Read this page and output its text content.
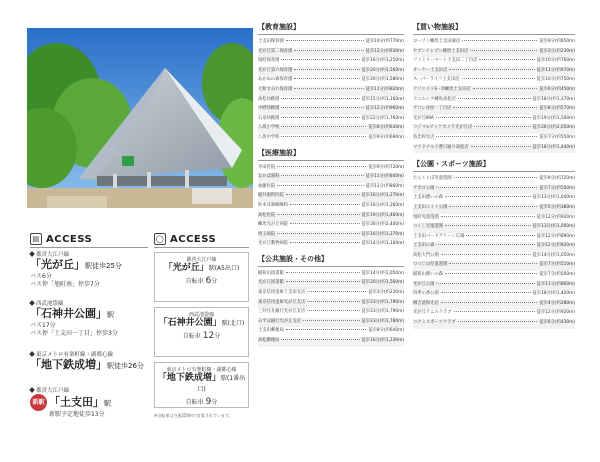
▤ ACCESS
都営大江戸線
「光が丘」駅徒歩25分
バス6分
バス停「旭町南」停歩7分
西武池袋線
「石神井公園」駅
バス17分
バス停「土支田一丁目」停歩3分
東京メトロ有楽町線・副都心線
「地下鉄成増」駅徒歩26分
都営大江戸線
新駅 「土支田」駅
新駅予定地徒歩13分
◯ ACCESS
都営大江戸線
「光が丘」駅(A5出口)
自転車 6分
西武池袋線
「石神井公園」駅(北口)
自転車 12分
東京メトロ有楽町線・副都心線
「地下鉄成増」駅(1番出口)
自転車 9分
※自転車は分速250mで計算されています。
【教育施設】
土支田保育園	徒歩10分(約770m)
光が丘第二保育園	徒歩12分(約930m)
旭町保育園	徒歩16分(約1,250m)
光が丘第六保育園	徒歩20分(約1,560m)
あかねの森保育園	徒歩20分(約1,580m)
大和すみれ保育園	徒歩11分(約820m)
高松幼稚園	徒歩15分(約1,160m)
中野幼稚園	徒歩12分(約960m)
石泉幼稚園	徒歩22分(約1,760m)
八坂小学校	徒歩8分(約630m)
八坂中学校	徒歩9分(約690m)
【医療施設】
寺田医院	徒歩9分(約720m)
なかば歯科	徒歩11分(約840m)
加藤医院	徒歩11分(約860m)
稲井歯科医院	徒歩16分(約1,270m)
鈴木耳鼻咽喉科	徒歩16分(約1,260m)
高松医院	徒歩19分(約1,460m)
練馬光が丘病院	徒歩30分(約2,400m)
埼玉病院	徒歩16分(約1,270m)
光が丘動物病院	徒歩14分(約1,100m)
【公共施設・その他】
稲荷山図書館	徒歩14分(約1,050m)
光が丘図書館	徒歩20分(約1,560m)
東京信用金庫土支田支店	徒歩3分(約230m)
東京信用金庫光が丘支店	徒歩23分(約1,790m)
三井住友銀行光が丘支店	徒歩23分(約1,790m)
みずほ銀行光が丘支店	徒歩23分(約1,780m)
土支田郵便局	徒歩8分(約640m)
高松郵便局	徒歩16分(約1,230m)
【買い物施設】
ローソン練馬土支田通店	徒歩9分(約650m)
セブンイレブン練馬土支田店	徒歩3分(約230m)
ファミリーマート土支田二丁目店	徒歩10分(約760m)
オーケー土支田店	徒歩13分(約970m)
スーパーライフ土支田店	徒歩10分(約750m)
クリエイトS・D練馬土支田店	徒歩6分(約450m)
ウエルシア練馬高松店	徒歩18分(約1,370m)
アコレ谷原一丁目店	徒歩8分(約570m)
光が丘IMA	徒歩19分(約1,500m)
コジマ×ビックカメラ光が丘店	徒歩26分(約2,050m)
島忠和光店	徒歩7分(約550m)
マクドナルド曹日通り高松店	徒歩18分(約1,440m)
【公園・スポーツ施設】
たらくくぼ児童遊園	徒歩9分(約720m)
アポロ公園	徒歩7分(約500m)
土支田憩いの森	徒歩13分(約1,040m)
土支田エイト公園	徒歩5分(約380m)
旭町児童遊園	徒歩12分(約920m)
つくし児童遊園	徒歩13分(約1,000m)
土支田バードグリーン広場	徒歩12分(約890m)
土支田の森	徒歩12分(約920m)
高松大門公園	徒歩14分(約1,050m)
つつじ山児童遊園	徒歩7分(約510m)
稲荷山憩いの森	徒歩7分(約500m)
光が丘公園	徒歩11分(約860m)
四季の香公園	徒歩18分(約1,420m)
柳吉池和光店	徒歩4分(約280m)
光が丘テニスクラブ	徒歩12分(約920m)
コナミスポーツクラブ	徒歩6分(約430m)
